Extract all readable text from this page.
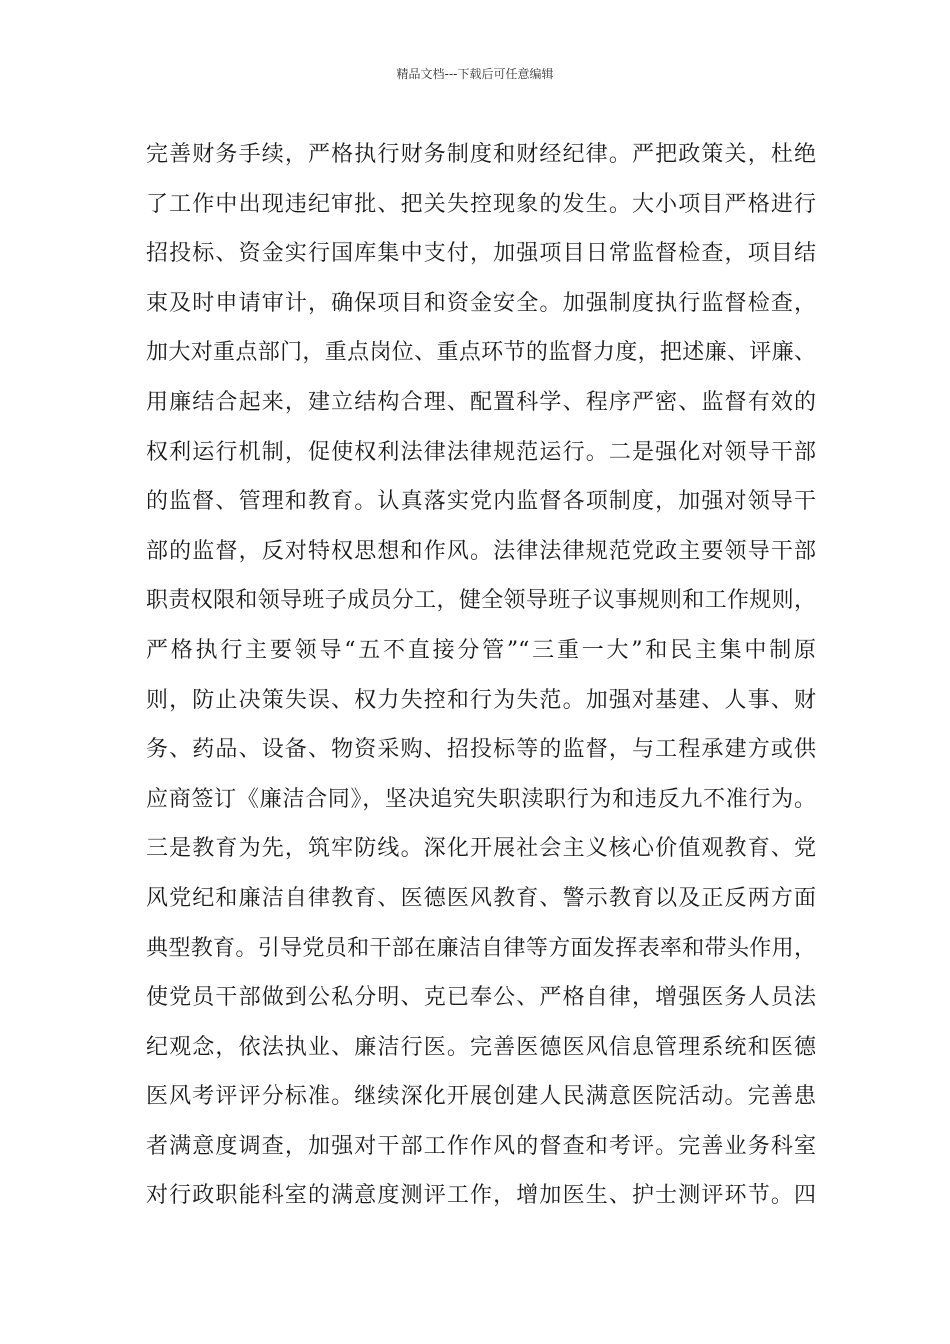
精品文档---下载后可任意编辑
完善财务手续，严格执行财务制度和财经纪律。严把政策关，杜绝
了工作中出现违纪审批、把关失控现象的发生。大小项目严格进行
招投标、资金实行国库集中支付，加强项目日常监督检查，项目结
束及时申请审计，确保项目和资金安全。加强制度执行监督检查，
加大对重点部门，重点岗位、重点环节的监督力度，把述廉、评廉、
用廉结合起来，建立结构合理、配置科学、程序严密、监督有效的
权利运行机制，促使权利法律法律规范运行。二是强化对领导干部
的监督、管理和教育。认真落实党内监督各项制度，加强对领导干
部的监督，反对特权思想和作风。法律法律规范党政主要领导干部
职责权限和领导班子成员分工，健全领导班子议事规则和工作规则，
严格执行主要领导“五不直接分管”“三重一大”和民主集中制原
则，防止决策失误、权力失控和行为失范。加强对基建、人事、财
务、药品、设备、物资采购、招投标等的监督，与工程承建方或供
应商签订《廉洁合同》，坚决追究失职渎职行为和违反九不准行为。
三是教育为先，筑牢防线。深化开展社会主义核心价值观教育、党
风党纪和廉洁自律教育、医德医风教育、警示教育以及正反两方面
典型教育。引导党员和干部在廉洁自律等方面发挥表率和带头作用，
使党员干部做到公私分明、克已奉公、严格自律，增强医务人员法
纪观念，依法执业、廉洁行医。完善医德医风信息管理系统和医德
医风考评评分标准。继续深化开展创建人民满意医院活动。完善患
者满意度调查，加强对干部工作作风的督查和考评。完善业务科室
对行政职能科室的满意度测评工作，增加医生、护士测评环节。四
